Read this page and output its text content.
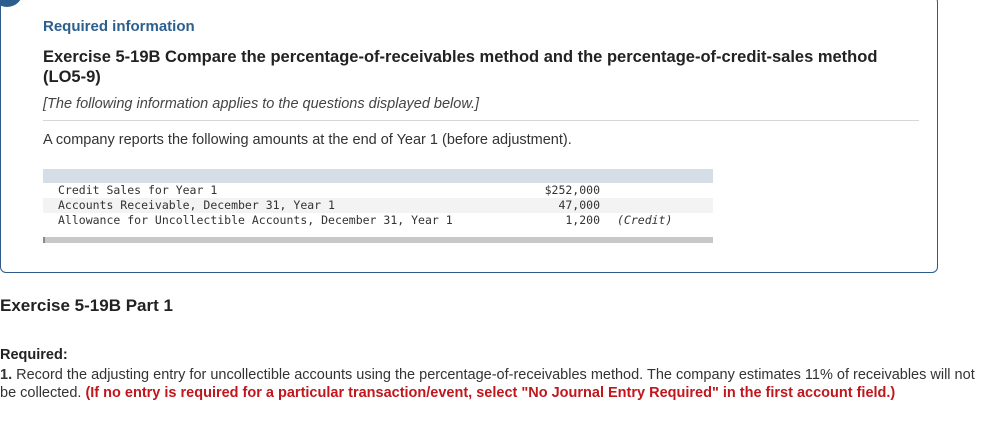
Required information
Exercise 5-19B Compare the percentage-of-receivables method and the percentage-of-credit-sales method (LO5-9)
[The following information applies to the questions displayed below.]
A company reports the following amounts at the end of Year 1 (before adjustment).
Credit Sales for Year 1	$252,000
Accounts Receivable, December 31, Year 1	47,000
Allowance for Uncollectible Accounts, December 31, Year 1	1,200 (Credit)
Exercise 5-19B Part 1
Required:
1. Record the adjusting entry for uncollectible accounts using the percentage-of-receivables method. The company estimates 11% of receivables will not be collected. (If no entry is required for a particular transaction/event, select "No Journal Entry Required" in the first account field.)
